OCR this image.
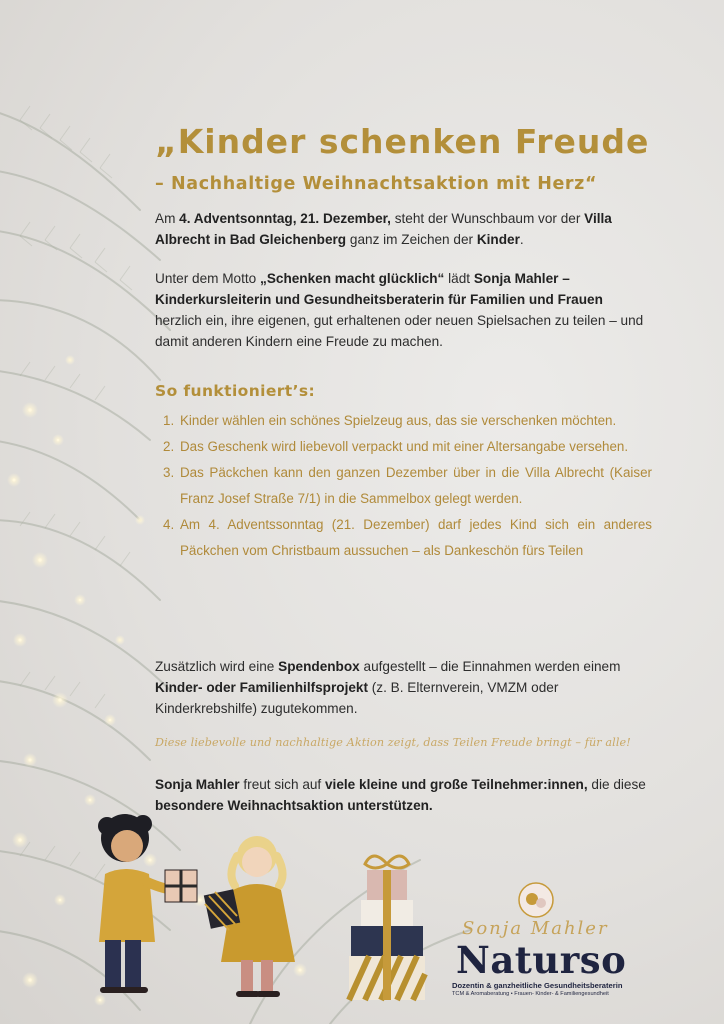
„Kinder schenken Freude
– Nachhaltige Weihnachtsaktion mit Herz“

Am 4. Adventsonntag, 21. Dezember, steht der Wunschbaum vor der Villa Albrecht in Bad Gleichenberg ganz im Zeichen der Kinder.

Unter dem Motto „Schenken macht glücklich“ lädt Sonja Mahler – Kinderkursleiterin und Gesundheitsberaterin für Familien und Frauen herzlich ein, ihre eigenen, gut erhaltenen oder neuen Spielsachen zu teilen – und damit anderen Kindern eine Freude zu machen.

So funktioniert’s:
1. Kinder wählen ein schönes Spielzeug aus, das sie verschenken möchten.
2. Das Geschenk wird liebevoll verpackt und mit einer Altersangabe versehen.
3. Das Päckchen kann den ganzen Dezember über in die Villa Albrecht (Kaiser Franz Josef Straße 7/1) in die Sammelbox gelegt werden.
4. Am 4. Adventssonntag (21. Dezember) darf jedes Kind sich ein anderes Päckchen vom Christbaum aussuchen – als Dankeschön fürs Teilen

Zusätzlich wird eine Spendenbox aufgestellt – die Einnahmen werden einem Kinder- oder Familienhilfsprojekt (z. B. Elternverein, VMZM oder Kinderkrebshilfe) zugutekommen.

Diese liebevolle und nachhaltige Aktion zeigt, dass Teilen Freude bringt – für alle!

Sonja Mahler freut sich auf viele kleine und große Teilnehmer:innen, die diese besondere Weihnachtsaktion unterstützen.

Sonja Mahler
Naturso
Dozentin & ganzheitliche Gesundheitsberaterin
TCM & Aromaberatung • Frauen- Kinder- & Familiengesundheit
